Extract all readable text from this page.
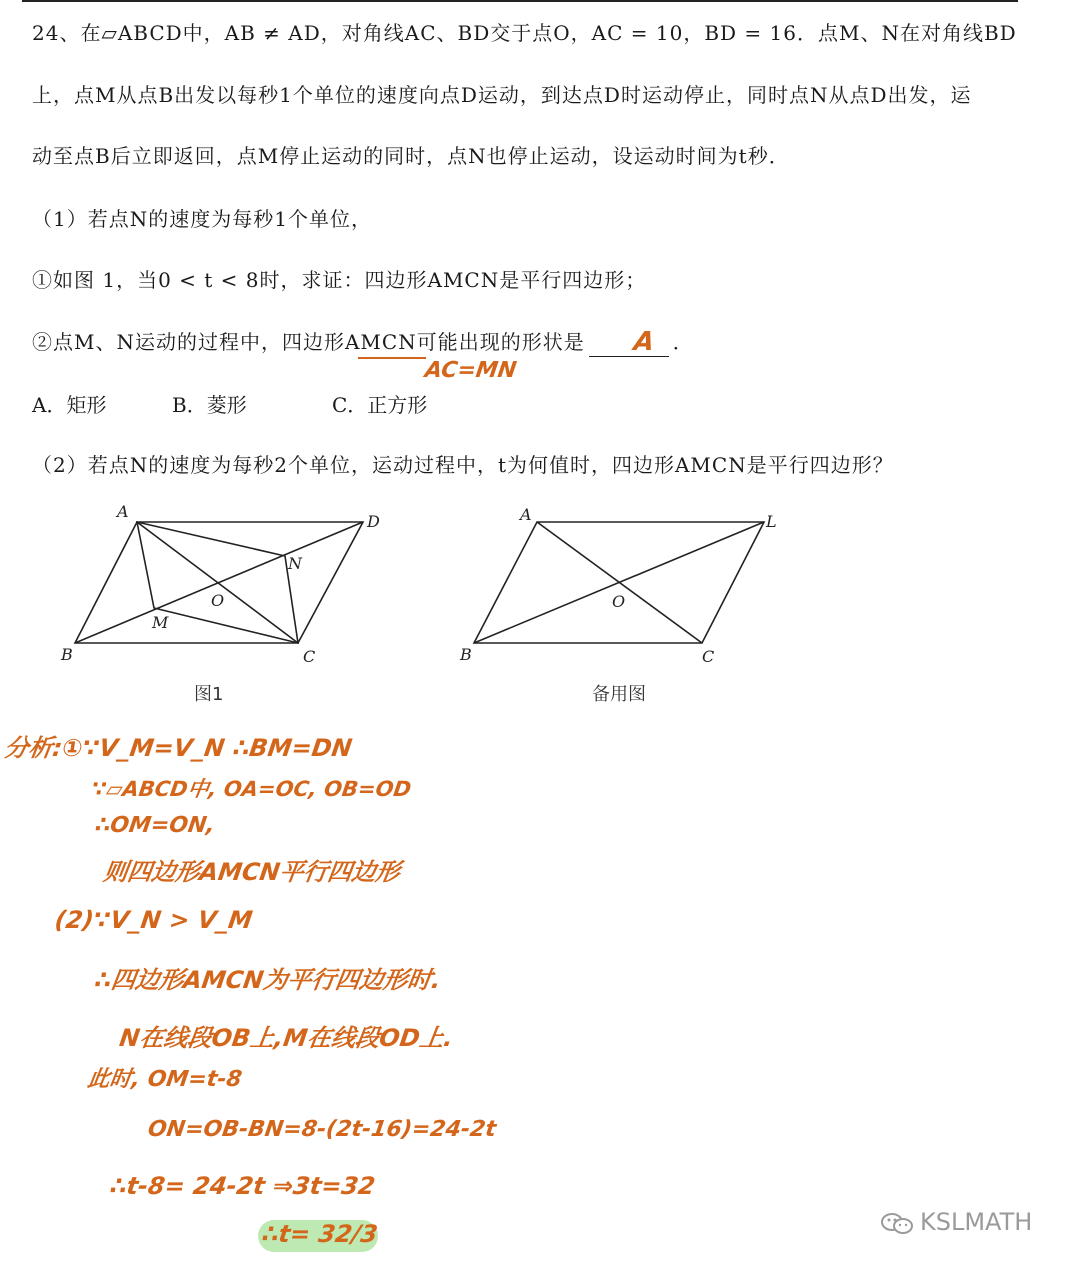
24、在▱ABCD中，AB ≠ AD，对角线AC、BD交于点O，AC = 10，BD = 16．点M、N在对角线BD
上，点M从点B出发以每秒1个单位的速度向点D运动，到达点D时运动停止，同时点N从点D出发，运
动至点B后立即返回，点M停止运动的同时，点N也停止运动，设运动时间为t秒．
（1）若点N的速度为每秒1个单位，
①如图 1，当0 < t < 8时，求证：四边形AMCN是平行四边形；
②点M、N运动的过程中，四边形AMCN可能出现的形状是	．
A．矩形	B．菱形	C．正方形
（2）若点N的速度为每秒2个单位，运动过程中，t为何值时，四边形AMCN是平行四边形？
A
D
B	C
O
M
N
图1
A	L
B	C
O
备用图
A
AC=MN
分析:①∵V_M=V_N ∴BM=DN
∵▱ABCD中, OA=OC, OB=OD
∴OM=ON,
则四边形AMCN平行四边形
(2)∵V_N > V_M
∴四边形AMCN为平行四边形时.
N在线段OB上,M在线段OD上.
此时, OM=t-8
ON=OB-BN=8-(2t-16)=24-2t
∴t-8= 24-2t ⇒3t=32
∴t= 32/3	KSLMATH
